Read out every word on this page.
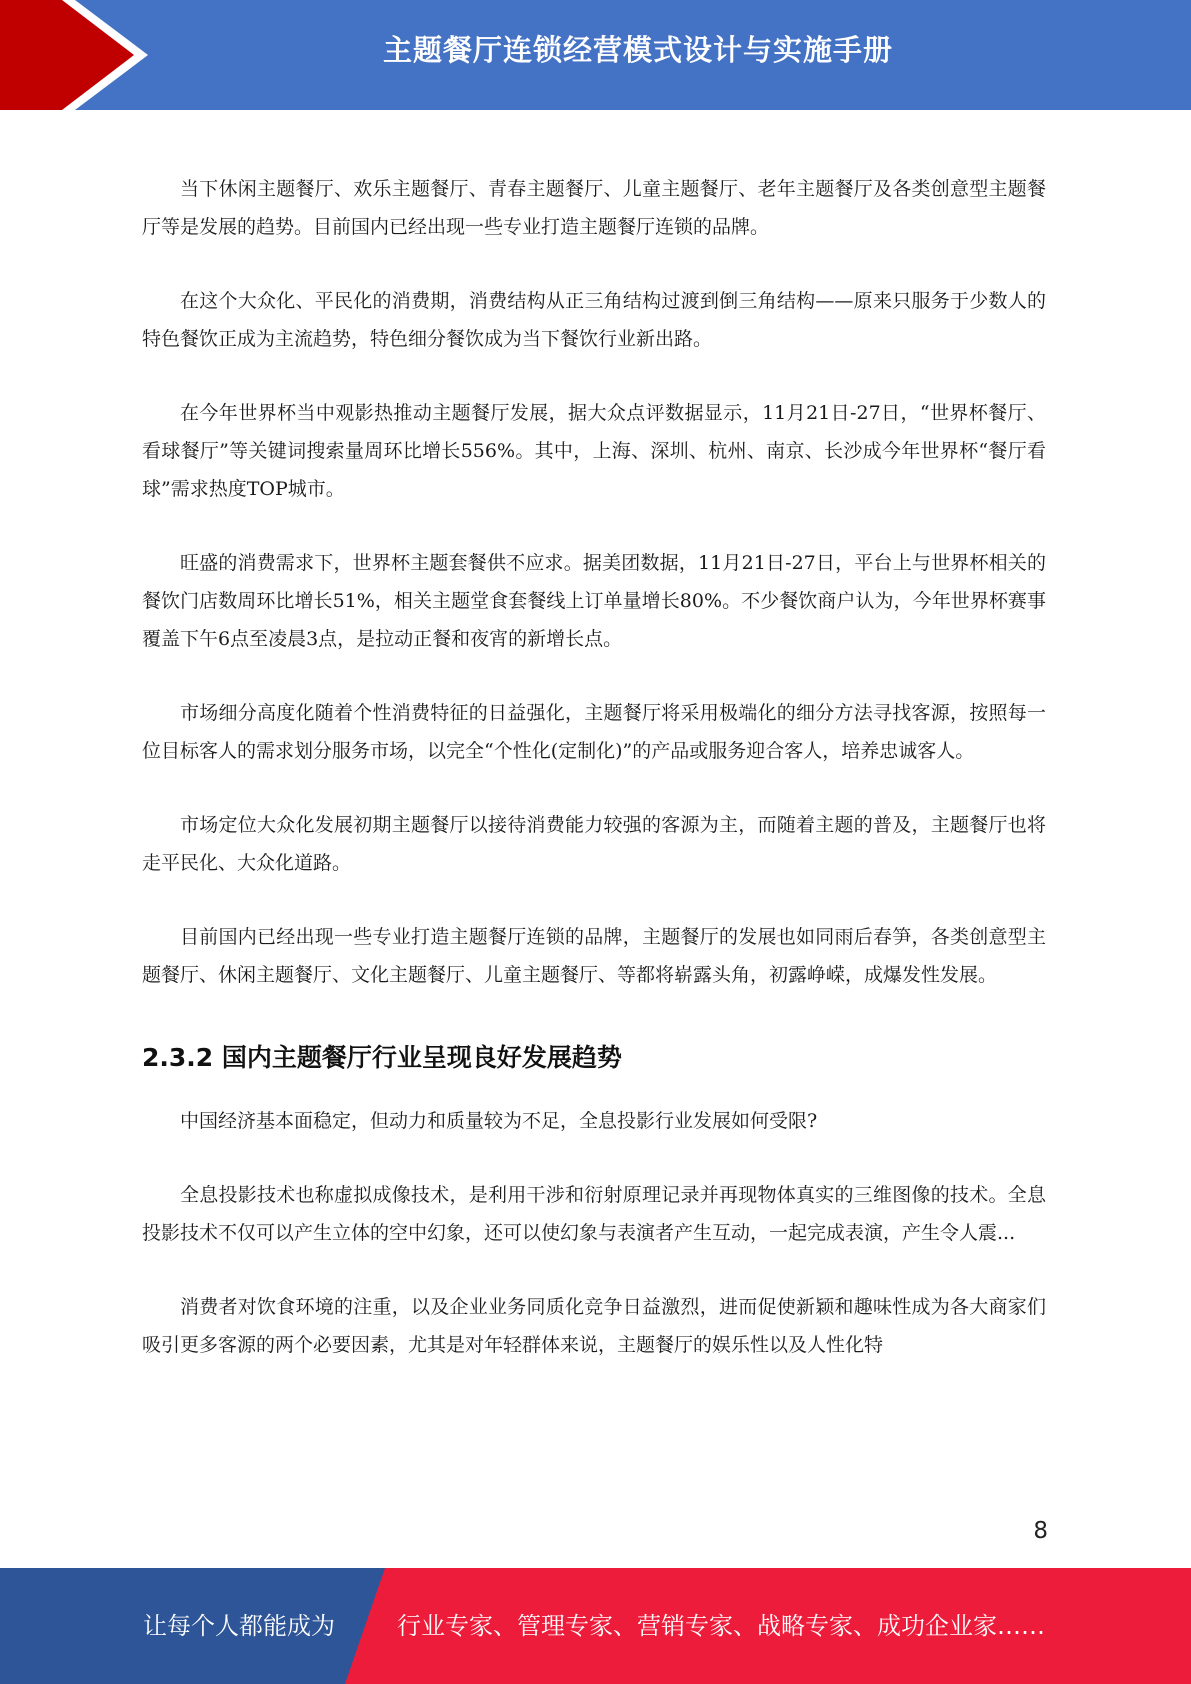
主题餐厅连锁经营模式设计与实施手册

当下休闲主题餐厅、欢乐主题餐厅、青春主题餐厅、儿童主题餐厅、老年主题餐厅及各类创意型主题餐厅等是发展的趋势。目前国内已经出现一些专业打造主题餐厅连锁的品牌。

在这个大众化、平民化的消费期，消费结构从正三角结构过渡到倒三角结构——原来只服务于少数人的特色餐饮正成为主流趋势，特色细分餐饮成为当下餐饮行业新出路。

在今年世界杯当中观影热推动主题餐厅发展，据大众点评数据显示，11月21日-27日，“世界杯餐厅、看球餐厅”等关键词搜索量周环比增长556%。其中，上海、深圳、杭州、南京、长沙成今年世界杯“餐厅看球”需求热度TOP城市。

旺盛的消费需求下，世界杯主题套餐供不应求。据美团数据，11月21日-27日，平台上与世界杯相关的餐饮门店数周环比增长51%，相关主题堂食套餐线上订单量增长80%。不少餐饮商户认为，今年世界杯赛事覆盖下午6点至凌晨3点，是拉动正餐和夜宵的新增长点。

市场细分高度化随着个性消费特征的日益强化，主题餐厅将采用极端化的细分方法寻找客源，按照每一位目标客人的需求划分服务市场，以完全“个性化(定制化)”的产品或服务迎合客人，培养忠诚客人。

市场定位大众化发展初期主题餐厅以接待消费能力较强的客源为主，而随着主题的普及，主题餐厅也将走平民化、大众化道路。

目前国内已经出现一些专业打造主题餐厅连锁的品牌，主题餐厅的发展也如同雨后春笋，各类创意型主题餐厅、休闲主题餐厅、文化主题餐厅、儿童主题餐厅、等都将崭露头角，初露峥嵘，成爆发性发展。

2.3.2 国内主题餐厅行业呈现良好发展趋势

中国经济基本面稳定，但动力和质量较为不足，全息投影行业发展如何受限?

全息投影技术也称虚拟成像技术，是利用干涉和衍射原理记录并再现物体真实的三维图像的技术。全息投影技术不仅可以产生立体的空中幻象，还可以使幻象与表演者产生互动，一起完成表演，产生令人震...

消费者对饮食环境的注重，以及企业业务同质化竞争日益激烈，进而促使新颖和趣味性成为各大商家们吸引更多客源的两个必要因素，尤其是对年轻群体来说，主题餐厅的娱乐性以及人性化特

8
让每个人都能成为	行业专家、管理专家、营销专家、战略专家、成功企业家……
